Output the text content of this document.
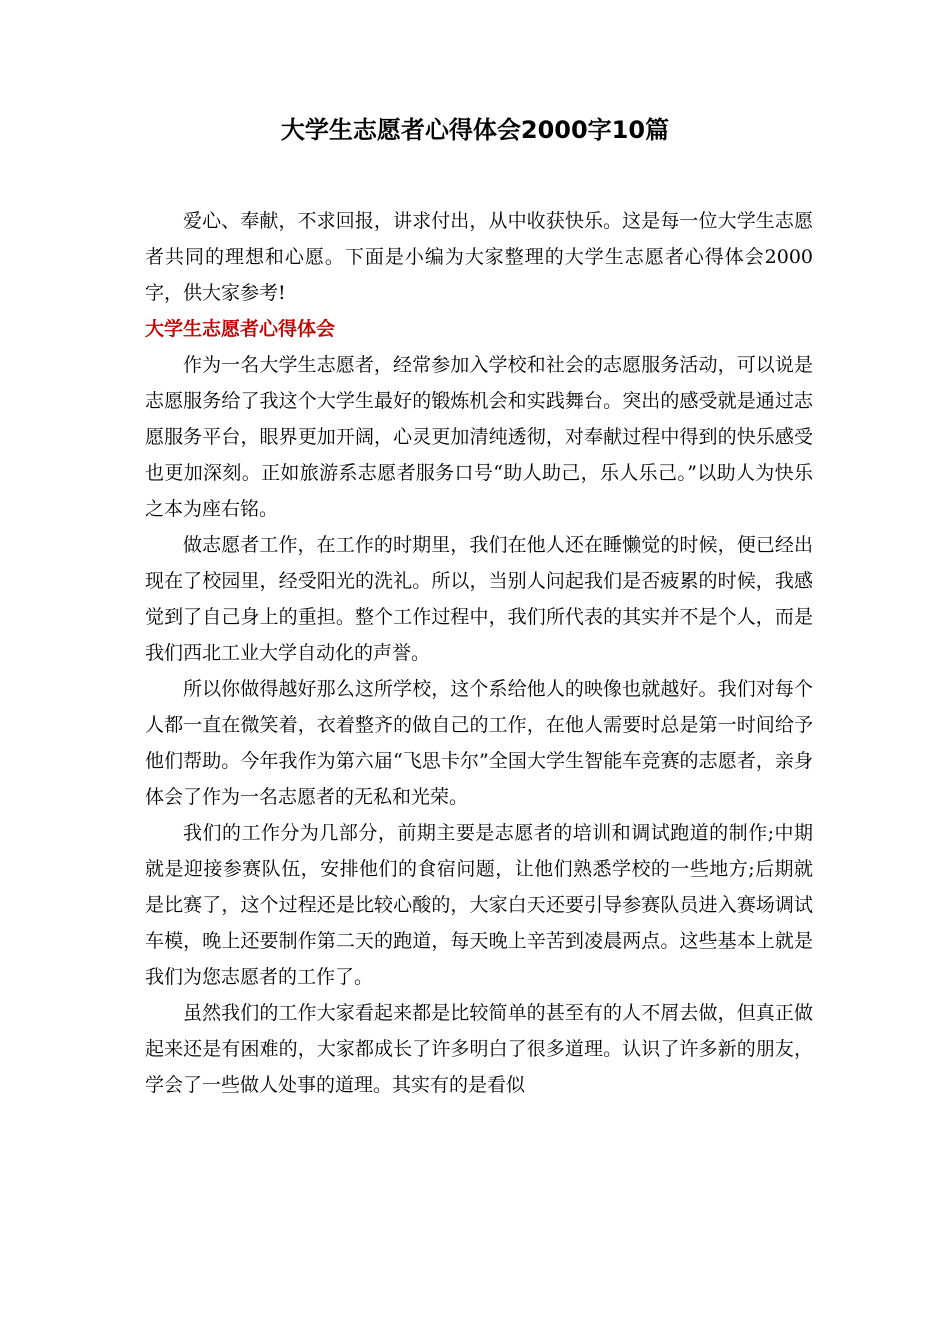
大学生志愿者心得体会2000字10篇

爱心、奉献，不求回报，讲求付出，从中收获快乐。这是每一位大学生志愿者共同的理想和心愿。下面是小编为大家整理的大学生志愿者心得体会2000字，供大家参考!

大学生志愿者心得体会

作为一名大学生志愿者，经常参加入学校和社会的志愿服务活动，可以说是志愿服务给了我这个大学生最好的锻炼机会和实践舞台。突出的感受就是通过志愿服务平台，眼界更加开阔，心灵更加清纯透彻，对奉献过程中得到的快乐感受也更加深刻。正如旅游系志愿者服务口号“助人助己，乐人乐己。”以助人为快乐之本为座右铭。

做志愿者工作，在工作的时期里，我们在他人还在睡懒觉的时候，便已经出现在了校园里，经受阳光的洗礼。所以，当别人问起我们是否疲累的时候，我感觉到了自己身上的重担。整个工作过程中，我们所代表的其实并不是个人，而是我们西北工业大学自动化的声誉。

所以你做得越好那么这所学校，这个系给他人的映像也就越好。我们对每个人都一直在微笑着，衣着整齐的做自己的工作，在他人需要时总是第一时间给予他们帮助。今年我作为第六届“飞思卡尔”全国大学生智能车竞赛的志愿者，亲身体会了作为一名志愿者的无私和光荣。

我们的工作分为几部分，前期主要是志愿者的培训和调试跑道的制作;中期就是迎接参赛队伍，安排他们的食宿问题，让他们熟悉学校的一些地方;后期就是比赛了，这个过程还是比较心酸的，大家白天还要引导参赛队员进入赛场调试车模，晚上还要制作第二天的跑道，每天晚上辛苦到凌晨两点。这些基本上就是我们为您志愿者的工作了。

虽然我们的工作大家看起来都是比较简单的甚至有的人不屑去做，但真正做起来还是有困难的，大家都成长了许多明白了很多道理。认识了许多新的朋友，学会了一些做人处事的道理。其实有的是看似
